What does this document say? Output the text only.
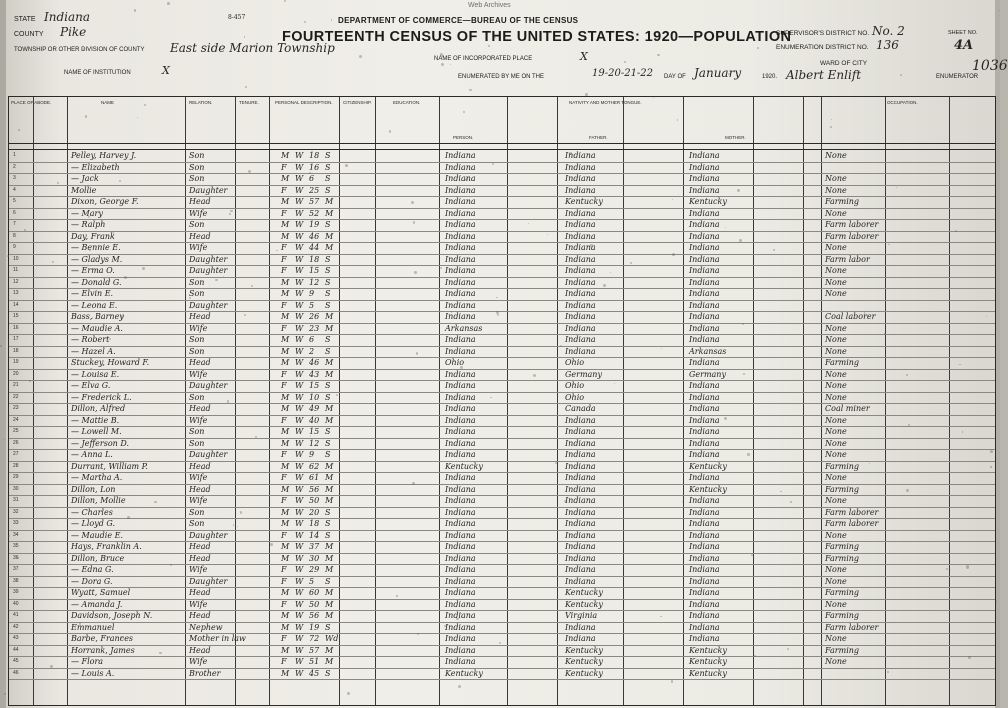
8-457
Web Archives
DEPARTMENT OF COMMERCE—BUREAU OF THE CENSUS
FOURTEENTH CENSUS OF THE UNITED STATES: 1920—POPULATION
STATE Indiana
COUNTY Pike
TOWNSHIP OR OTHER DIVISION OF COUNTY East side Marion Township
NAME OF INSTITUTION	X
NAME OF INCORPORATED PLACE	X
ENUMERATED BY ME ON THE	19-20-21-22 DAY OF January	1920. Albert Enlift	ENUMERATOR
SUPERVISOR'S DISTRICT NO. No. 2
ENUMERATION DISTRICT NO. 136
WARD OF CITY
SHEET NO.
4A
1036
PLACE OF ABODE.	NAME	RELATION.	TENURE.	PERSONAL DESCRIPTION. CITIZENSHIP.	EDUCATION.	NATIVITY AND MOTHER TONGUE.	OCCUPATION.
PERSON.	FATHER.	MOTHER.
1	Pelley, Harvey J.	Son	M W 18 S	Indiana	Indiana	Indiana	None
2	— Elizabeth	Son	F W 16 S	Indiana	Indiana	Indiana
3	— Jack	Son	M W 6 S	Indiana	Indiana	Indiana	None
4	Mollie	Daughter	F W 25 S	Indiana	Indiana	Indiana	None
5	Dixon, George F.	Head	M W 57 M	Indiana	Kentucky	Kentucky	Farming
6	— Mary	Wife	F W 52 M	Indiana	Indiana	Indiana	None
7	— Ralph	Son	M W 19 S	Indiana	Indiana	Indiana	Farm laborer
8	Day, Frank	Head	M W 46 M	Indiana	Indiana	Indiana	Farm laborer
9	— Bennie E.	Wife	F W 44 M	Indiana	Indiana	Indiana	None
10	— Gladys M.	Daughter	F W 18 S	Indiana	Indiana	Indiana	Farm labor
11	— Erma O.	Daughter	F W 15 S	Indiana	Indiana	Indiana	None
12	— Donald G.	Son	M W 12 S	Indiana	Indiana	Indiana	None
13	— Elvin E.	Son	M W 9 S	Indiana	Indiana	Indiana	None
14	— Leona E.	Daughter	F W 5 S	Indiana	Indiana	Indiana
15	Bass, Barney	Head	M W 26 M	Indiana	Indiana	Indiana	Coal laborer
16	— Maudie A.	Wife	F W 23 M	Arkansas	Indiana	Indiana	None
17	— Robert	Son	M W 6 S	Indiana	Indiana	Indiana	None
18	— Hazel A.	Son	M W 2 S	Indiana	Indiana	Arkansas	None
19	Stuckey, Howard F.	Head	M W 46 M	Ohio	Ohio	Indiana	Farming
20	— Louisa E.	Wife	F W 43 M	Indiana	Germany	Germany	None
21	— Elva G.	Daughter	F W 15 S	Indiana	Ohio	Indiana	None
22	— Frederick L.	Son	M W 10 S	Indiana	Ohio	Indiana	None
23	Dillon, Alfred	Head	M W 49 M	Indiana	Canada	Indiana	Coal miner
24	— Mattie B.	Wife	F W 40 M	Indiana	Indiana	Indiana	None
25	— Lowell M.	Son	M W 15 S	Indiana	Indiana	Indiana	None
26	— Jefferson D.	Son	M W 12 S	Indiana	Indiana	Indiana	None
27	— Anna L.	Daughter	F W 9 S	Indiana	Indiana	Indiana	None
28	Durrant, William P.	Head	M W 62 M	Kentucky	Indiana	Kentucky	Farming
29	— Martha A.	Wife	F W 61 M	Indiana	Indiana	Indiana	None
30	Dillon, Lon	Head	M W 56 M	Indiana	Indiana	Kentucky	Farming
31	Dillon, Mollie	Wife	F W 50 M	Indiana	Indiana	Indiana	None
32	— Charles	Son	M W 20 S	Indiana	Indiana	Indiana	Farm laborer
33	— Lloyd G.	Son	M W 18 S	Indiana	Indiana	Indiana	Farm laborer
34	— Maudie E.	Daughter	F W 14 S	Indiana	Indiana	Indiana	None
35	Hays, Franklin A.	Head	M W 37 M	Indiana	Indiana	Indiana	Farming
36	Dillon, Bruce	Head	M W 30 M	Indiana	Indiana	Indiana	Farming
37	— Edna G.	Wife	F W 29 M	Indiana	Indiana	Indiana	None
38	— Dora G.	Daughter	F W 5 S	Indiana	Indiana	Indiana	None
39	Wyatt, Samuel	Head	M W 60 M	Indiana	Kentucky	Indiana	Farming
40	— Amanda J.	Wife	F W 50 M	Indiana	Kentucky	Indiana	None
41	Davidson, Joseph N.	Head	M W 56 M	Indiana	Virginia	Indiana	Farming
42	Emmanuel	Nephew	M W 19 S	Indiana	Indiana	Indiana	Farm laborer
43	Barbe, Frances	Mother in law	F W 72 Wd	Indiana	Indiana	Indiana	None
44	Horrank, James	Head	M W 57 M	Indiana	Kentucky	Kentucky	Farming
45	— Flora	Wife	F W 51 M	Indiana	Kentucky	Kentucky	None
46	— Louis A.	Brother	M W 45 S	Kentucky	Kentucky	Kentucky
